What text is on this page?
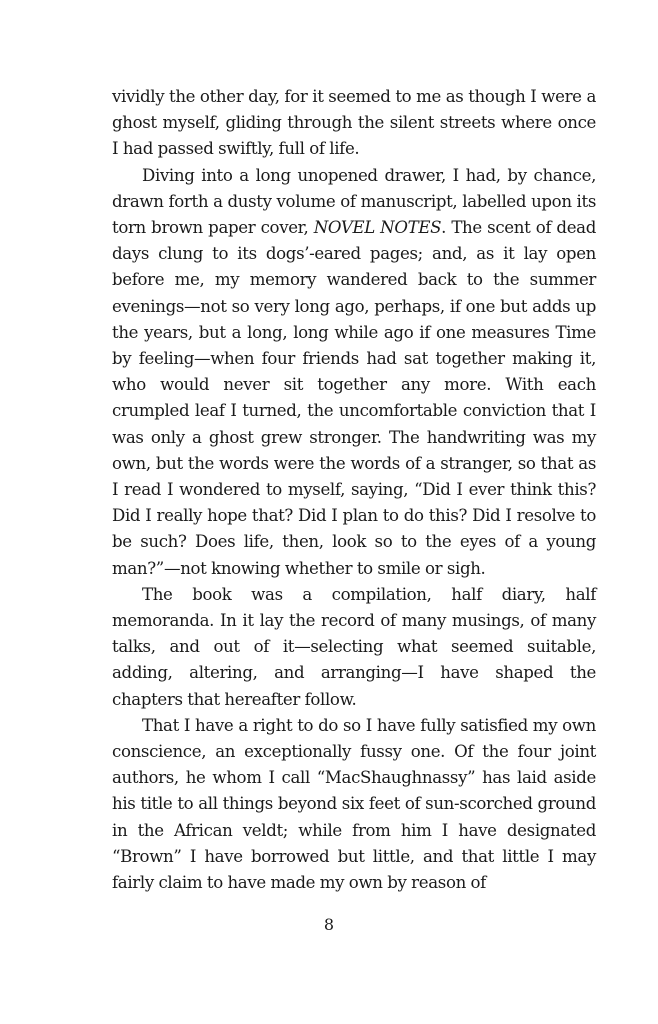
vividly the other day, for it seemed to me as though I were a ghost myself, gliding through the silent streets where once I had passed swiftly, full of life.

Diving into a long unopened drawer, I had, by chance, drawn forth a dusty volume of manuscript, labelled upon its torn brown paper cover, NOVEL NOTES. The scent of dead days clung to its dogs’-eared pages; and, as it lay open before me, my memory wandered back to the summer evenings—not so very long ago, perhaps, if one but adds up the years, but a long, long while ago if one measures Time by feeling—when four friends had sat together making it, who would never sit together any more. With each crumpled leaf I turned, the uncomfortable conviction that I was only a ghost grew stronger. The handwriting was my own, but the words were the words of a stranger, so that as I read I wondered to myself, saying, “Did I ever think this? Did I really hope that? Did I plan to do this? Did I resolve to be such? Does life, then, look so to the eyes of a young man?”—not knowing whether to smile or sigh.

The book was a compilation, half diary, half memoranda. In it lay the record of many musings, of many talks, and out of it—selecting what seemed suitable, adding, altering, and arranging—I have shaped the chapters that hereafter follow.

That I have a right to do so I have fully satisfied my own conscience, an exceptionally fussy one. Of the four joint authors, he whom I call “MacShaughnassy” has laid aside his title to all things beyond six feet of sun-scorched ground in the African veldt; while from him I have designated “Brown” I have borrowed but little, and that little I may fairly claim to have made my own by reason of

8
